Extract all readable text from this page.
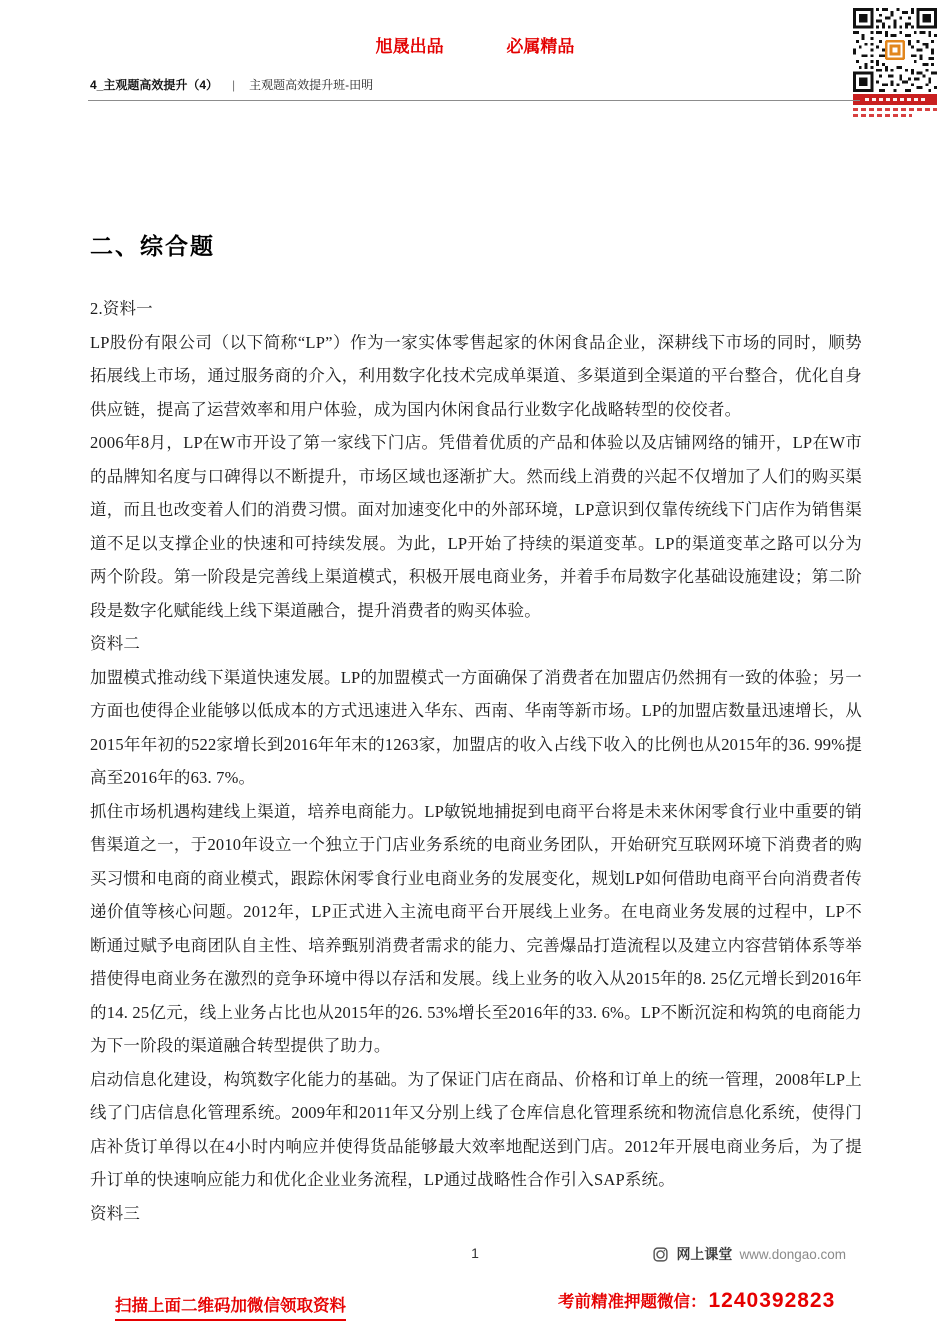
旭晟出品	必属精品
4_主观题高效提升（4） | 主观题高效提升班-田明
二、综合题

2.资料一

LP股份有限公司（以下简称“LP”）作为一家实体零售起家的休闲食品企业，深耕线下市场的同时，顺势拓展线上市场，通过服务商的介入，利用数字化技术完成单渠道、多渠道到全渠道的平台整合，优化自身供应链，提高了运营效率和用户体验，成为国内休闲食品行业数字化战略转型的佼佼者。

2006年8月，LP在W市开设了第一家线下门店。凭借着优质的产品和体验以及店铺网络的铺开，LP在W市的品牌知名度与口碑得以不断提升，市场区域也逐渐扩大。然而线上消费的兴起不仅增加了人们的购买渠道，而且也改变着人们的消费习惯。面对加速变化中的外部环境，LP意识到仅靠传统线下门店作为销售渠道不足以支撑企业的快速和可持续发展。为此，LP开始了持续的渠道变革。LP的渠道变革之路可以分为两个阶段。第一阶段是完善线上渠道模式，积极开展电商业务，并着手布局数字化基础设施建设；第二阶段是数字化赋能线上线下渠道融合，提升消费者的购买体验。

资料二

加盟模式推动线下渠道快速发展。LP的加盟模式一方面确保了消费者在加盟店仍然拥有一致的体验；另一方面也使得企业能够以低成本的方式迅速进入华东、西南、华南等新市场。LP的加盟店数量迅速增长，从2015年年初的522家增长到2016年年末的1263家，加盟店的收入占线下收入的比例也从2015年的36. 99%提高至2016年的63. 7%。

抓住市场机遇构建线上渠道，培养电商能力。LP敏锐地捕捉到电商平台将是未来休闲零食行业中重要的销售渠道之一，于2010年设立一个独立于门店业务系统的电商业务团队，开始研究互联网环境下消费者的购买习惯和电商的商业模式，跟踪休闲零食行业电商业务的发展变化，规划LP如何借助电商平台向消费者传递价值等核心问题。2012年，LP正式进入主流电商平台开展线上业务。在电商业务发展的过程中，LP不断通过赋予电商团队自主性、培养甄别消费者需求的能力、完善爆品打造流程以及建立内容营销体系等举措使得电商业务在激烈的竞争环境中得以存活和发展。线上业务的收入从2015年的8. 25亿元增长到2016年的14. 25亿元，线上业务占比也从2015年的26. 53%增长至2016年的33. 6%。LP不断沉淀和构筑的电商能力为下一阶段的渠道融合转型提供了助力。

启动信息化建设，构筑数字化能力的基础。为了保证门店在商品、价格和订单上的统一管理，2008年LP上线了门店信息化管理系统。2009年和2011年又分别上线了仓库信息化管理系统和物流信息化系统，使得门店补货订单得以在4小时内响应并使得货品能够最大效率地配送到门店。2012年开展电商业务后，为了提升订单的快速响应能力和优化企业业务流程，LP通过战略性合作引入SAP系统。

资料三

1	网上课堂 www.dongao.com
扫描上面二维码加微信领取资料	考前精准押题微信： 1240392823
